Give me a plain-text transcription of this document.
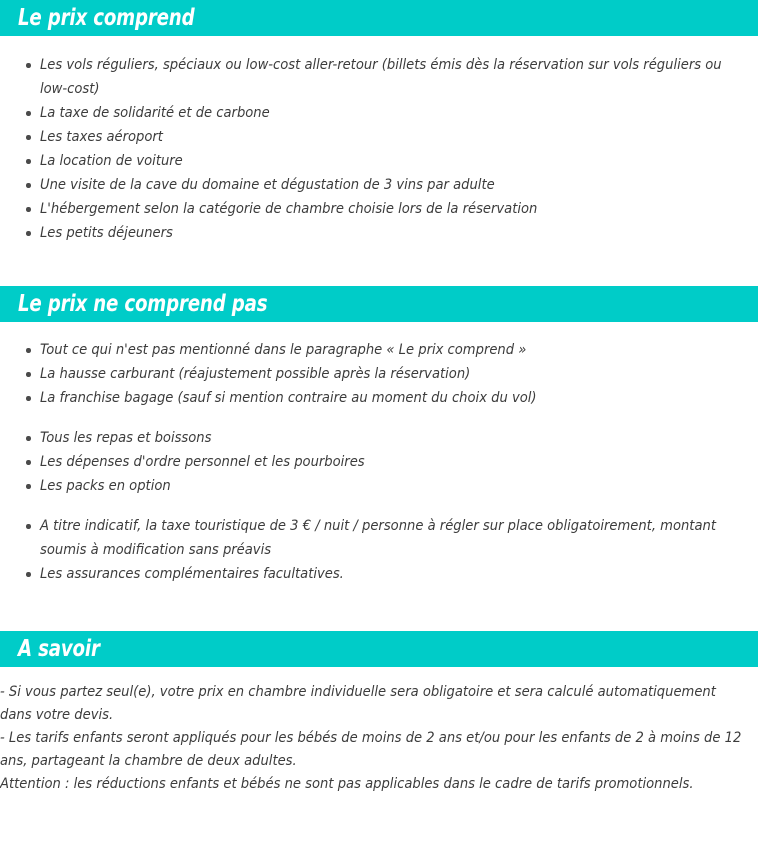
Le prix comprend
Les vols réguliers, spéciaux ou low-cost aller-retour (billets émis dès la réservation sur vols réguliers ou low-cost)
La taxe de solidarité et de carbone
Les taxes aéroport
La location de voiture
Une visite de la cave du domaine et dégustation de 3 vins par adulte
L'hébergement selon la catégorie de chambre choisie lors de la réservation
Les petits déjeuners
Le prix ne comprend pas
Tout ce qui n'est pas mentionné dans le paragraphe « Le prix comprend »
La hausse carburant (réajustement possible après la réservation)
La franchise bagage (sauf si mention contraire au moment du choix du vol)
Tous les repas et boissons
Les dépenses d'ordre personnel et les pourboires
Les packs en option
A titre indicatif, la taxe touristique de 3 € / nuit / personne à régler sur place obligatoirement, montant soumis à modification sans préavis
Les assurances complémentaires facultatives.
A savoir

- Si vous partez seul(e), votre prix en chambre individuelle sera obligatoire et sera calculé automatiquement dans votre devis.

- Les tarifs enfants seront appliqués pour les bébés de moins de 2 ans et/ou pour les enfants de 2 à moins de 12 ans, partageant la chambre de deux adultes.

Attention : les réductions enfants et bébés ne sont pas applicables dans le cadre de tarifs promotionnels.
